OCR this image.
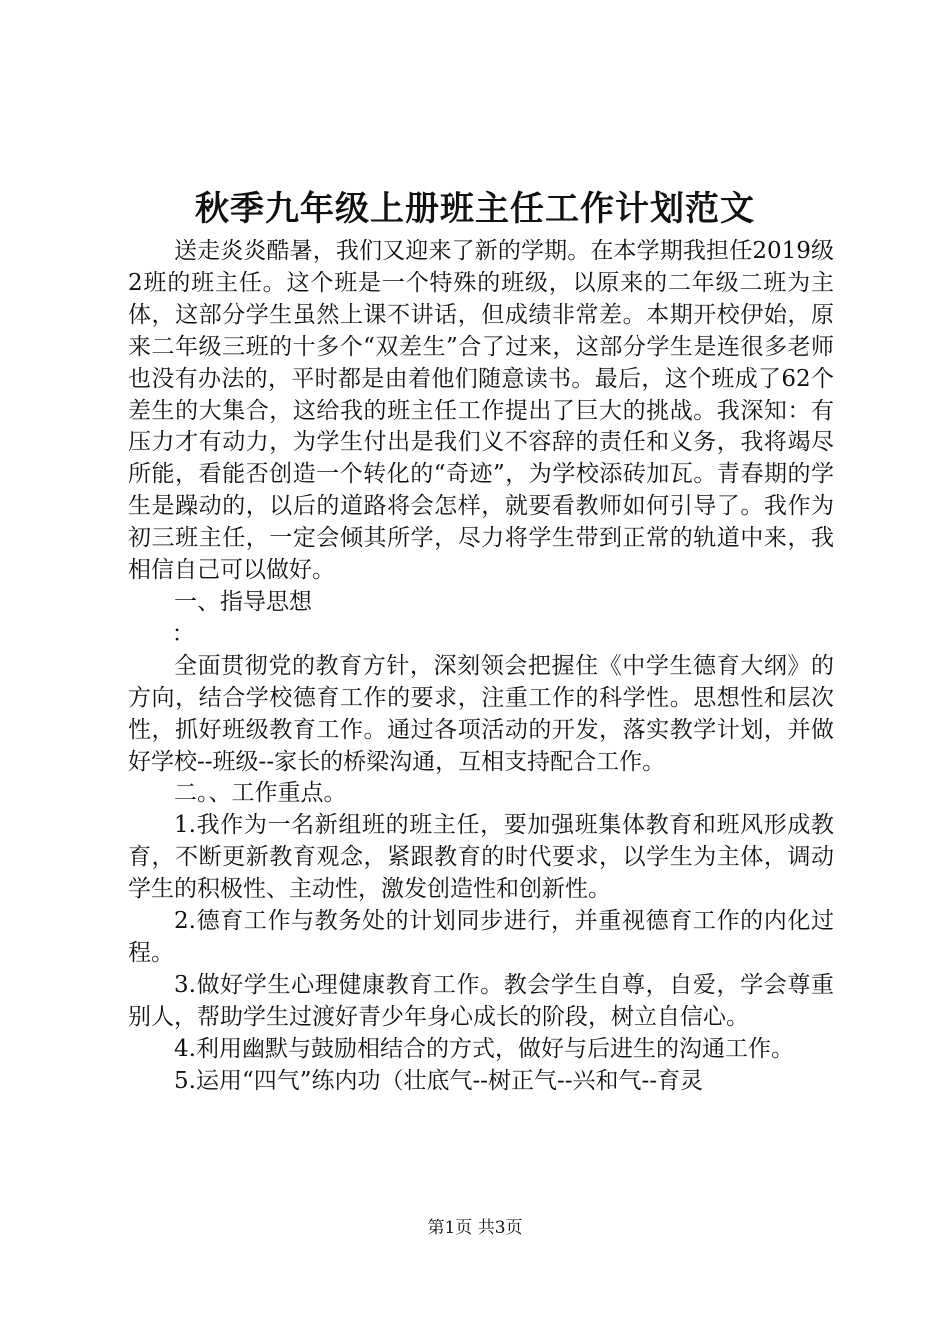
秋季九年级上册班主任工作计划范文

送走炎炎酷暑，我们又迎来了新的学期。在本学期我担任2019级2班的班主任。这个班是一个特殊的班级，以原来的二年级二班为主体，这部分学生虽然上课不讲话，但成绩非常差。本期开校伊始，原来二年级三班的十多个“双差生”合了过来，这部分学生是连很多老师也没有办法的，平时都是由着他们随意读书。最后，这个班成了62个差生的大集合，这给我的班主任工作提出了巨大的挑战。我深知：有压力才有动力，为学生付出是我们义不容辞的责任和义务，我将竭尽所能，看能否创造一个转化的“奇迹”，为学校添砖加瓦。青春期的学生是躁动的，以后的道路将会怎样，就要看教师如何引导了。我作为初三班主任，一定会倾其所学，尽力将学生带到正常的轨道中来，我相信自己可以做好。

一、指导思想

：

全面贯彻党的教育方针，深刻领会把握住《中学生德育大纲》的方向，结合学校德育工作的要求，注重工作的科学性。思想性和层次性，抓好班级教育工作。通过各项活动的开发，落实教学计划，并做好学校--班级--家长的桥梁沟通，互相支持配合工作。

二。、工作重点。

1.我作为一名新组班的班主任，要加强班集体教育和班风形成教育，不断更新教育观念，紧跟教育的时代要求，以学生为主体，调动学生的积极性、主动性，激发创造性和创新性。

2.德育工作与教务处的计划同步进行，并重视德育工作的内化过程。

3.做好学生心理健康教育工作。教会学生自尊，自爱，学会尊重别人，帮助学生过渡好青少年身心成长的阶段，树立自信心。

4.利用幽默与鼓励相结合的方式，做好与后进生的沟通工作。

5.运用“四气”练内功（壮底气--树正气--兴和气--育灵

第1页 共3页
